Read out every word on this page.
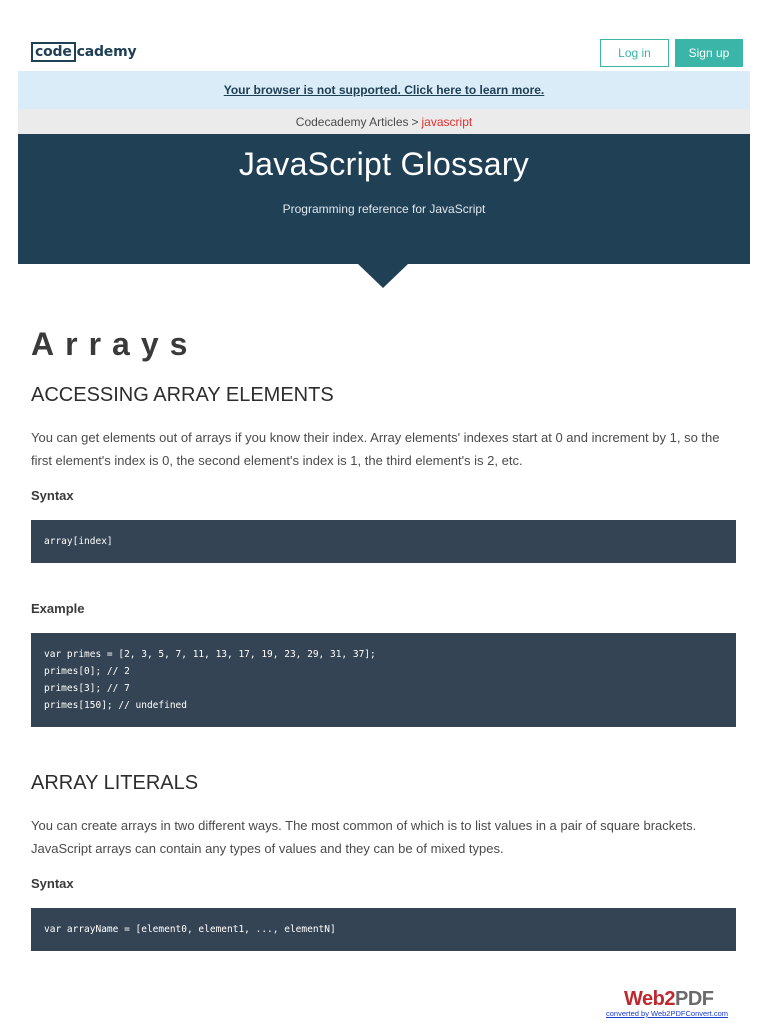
code cademy	Log in	Sign up
Your browser is not supported. Click here to learn more.
Codecademy Articles > javascript
JavaScript Glossary

Programming reference for JavaScript

Arrays
ACCESSING ARRAY ELEMENTS

You can get elements out of arrays if you know their index. Array elements' indexes start at 0 and increment by 1, so the first element's index is 0, the second element's index is 1, the third element's is 2, etc.

Syntax
array[index]
Example
var primes = [2, 3, 5, 7, 11, 13, 17, 19, 23, 29, 31, 37];
primes[0]; // 2
primes[3]; // 7
primes[150]; // undefined
ARRAY LITERALS

You can create arrays in two different ways. The most common of which is to list values in a pair of square brackets. JavaScript arrays can contain any types of values and they can be of mixed types.

Syntax
var arrayName = [element0, element1, ..., elementN]
Web2PDF
converted by Web2PDFConvert.com
